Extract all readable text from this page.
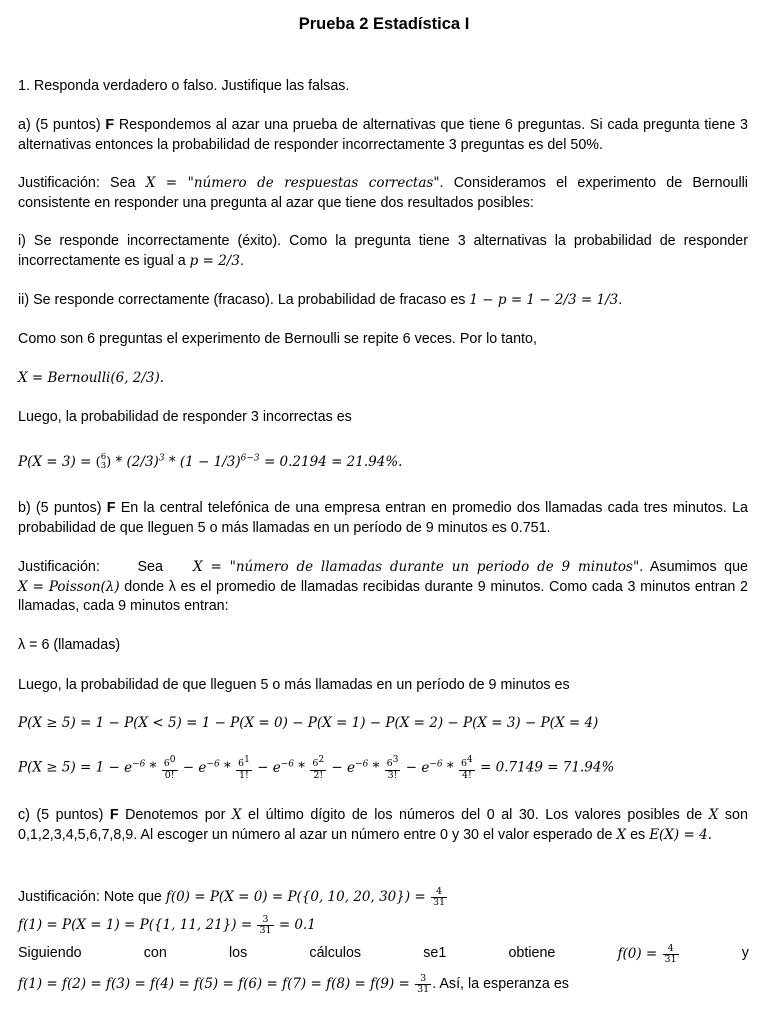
Prueba 2 Estadística I
1. Responda verdadero o falso. Justifique las falsas.
a) (5 puntos) F Respondemos al azar una prueba de alternativas que tiene 6 preguntas. Si cada pregunta tiene 3 alternativas entonces la probabilidad de responder incorrectamente 3 preguntas es del 50%.
Justificación: Sea X = "número de respuestas correctas". Consideramos el experimento de Bernoulli consistente en responder una pregunta al azar que tiene dos resultados posibles:
i) Se responde incorrectamente (éxito). Como la pregunta tiene 3 alternativas la probabilidad de responder incorrectamente es igual a p = 2/3.
ii) Se responde correctamente (fracaso). La probabilidad de fracaso es 1 − p = 1 − 2/3 = 1/3.
Como son 6 preguntas el experimento de Bernoulli se repite 6 veces. Por lo tanto,
X = Bernoulli(6, 2/3).
Luego, la probabilidad de responder 3 incorrectas es
P(X = 3) = ( 6
3 ) * $(2/3)^3 * (1 - 1/3)^{6-3} = 0.2194 = 21.94\%$.
b) (5 puntos) F En la central telefónica de una empresa entran en promedio dos llamadas cada tres minutos. La probabilidad de que lleguen 5 o más llamadas en un período de 9 minutos es 0.751.
Justificación:	Sea X = "número de llamadas durante un periodo de 9 minutos". Asumimos que X = Poisson(λ) donde λ es el promedio de llamadas recibidas durante 9 minutos. Como cada 3 minutos entran 2 llamadas, cada 9 minutos entran:
λ = 6 (llamadas)
Luego, la probabilidad de que lleguen 5 o más llamadas en un período de 9 minutos es
P(X ≥ 5) = 1 − P(X < 5) = 1 − P(X = 0) − P(X = 1) − P(X = 2) − P(X = 3) − P(X = 4)
$P(X \ge 5) = 1 - e^{-6} * \frac{6^0}{0!} - e^{-6} * \frac{6^1}{1!} - e^{-6} * \frac{6^2}{2!} - e^{-6} * \frac{6^3}{3!} - e^{-6} * \frac{6^4}{4!} = 0.7149 = 71.94\%$
c) (5 puntos) F Denotemos por X el último dígito de los números del 0 al 30. Los valores posibles de X son 0,1,2,3,4,5,6,7,8,9. Al escoger un número al azar un número entre 0 y 30 el valor esperado de X es E(X) = 4.
Justificación: Note que f(0) = P(X = 0) = P({0, 10, 20, $30\}) = \frac{4}{31}$
f(1) = P(X = 1) = P({1, 11, $21\}) = \frac{3}{31} = 0.1$
Siguiendo	con	los	cálculos	se1	obtiene	$f(0) = \frac{4}{31}$	y
$f(1) = f(2) = f(3) = f(4) = f(5) = f(6) = f(7) = f(8) = f(9) = \frac{3}{31}$ . Así, la esperanza es
